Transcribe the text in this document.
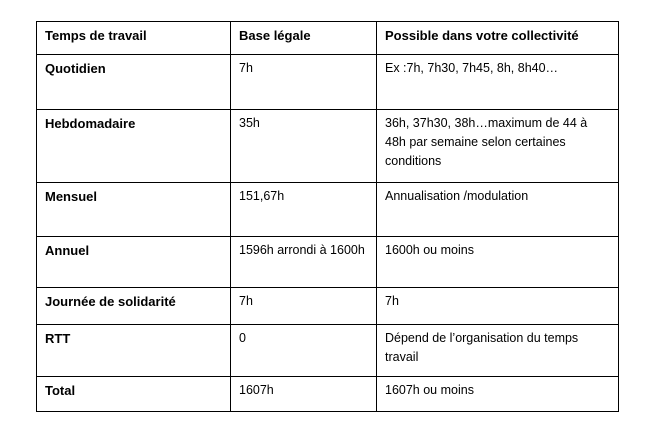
Temps de travail	Base légale	Possible dans votre collectivité
Quotidien	7h	Ex :7h, 7h30, 7h45, 8h, 8h40…
Hebdomadaire	35h	36h, 37h30, 38h…maximum de 44 à 48h par semaine selon certaines conditions
Mensuel	151,67h	Annualisation /modulation
Annuel	1596h arrondi à 1600h	1600h ou moins
Journée de solidarité	7h	7h
RTT	0	Dépend de l’organisation du temps travail
Total	1607h	1607h ou moins
